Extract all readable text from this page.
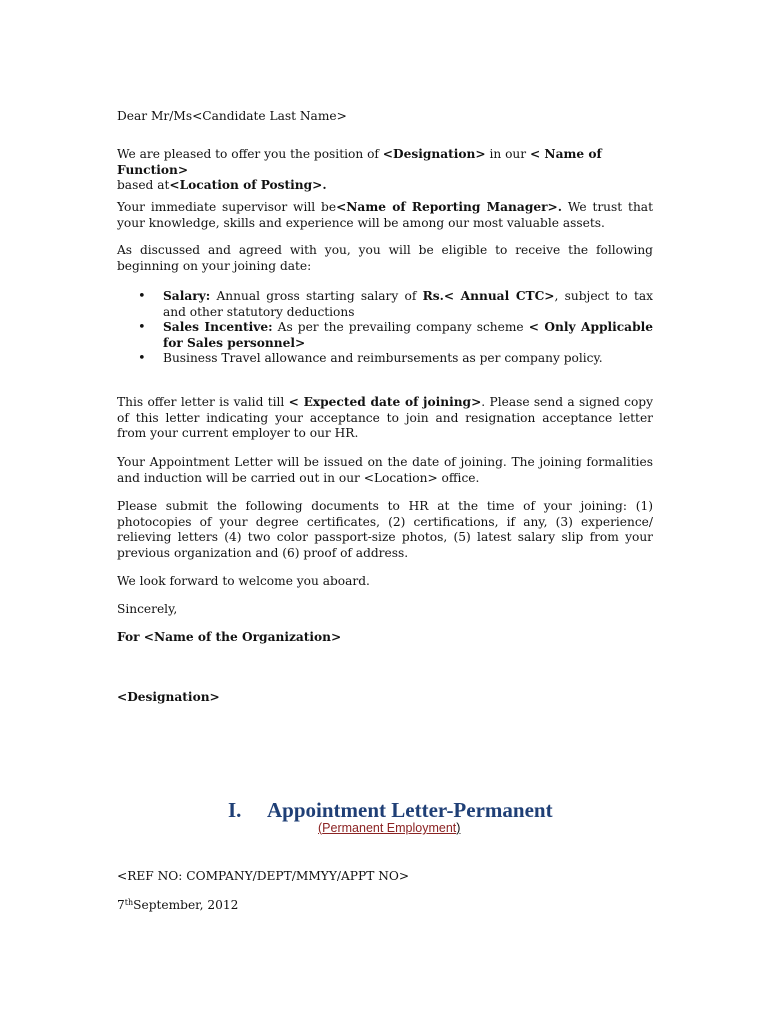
Dear Mr/Ms<Candidate Last Name>
We are pleased to offer you the position of <Designation> in our < Name of Function>
based at<Location of Posting>.
Your immediate supervisor will be<Name of Reporting Manager>. We trust that your knowledge, skills and experience will be among our most valuable assets.
As discussed and agreed with you, you will be eligible to receive the following beginning on your joining date:
• Salary: Annual gross starting salary of Rs.< Annual CTC>, subject to tax and other statutory deductions
• Sales Incentive: As per the prevailing company scheme < Only Applicable for Sales personnel>
• Business Travel allowance and reimbursements as per company policy.
This offer letter is valid till < Expected date of joining>. Please send a signed copy of this letter indicating your acceptance to join and resignation acceptance letter from your current employer to our HR.
Your Appointment Letter will be issued on the date of joining. The joining formalities and induction will be carried out in our <Location> office.
Please submit the following documents to HR at the time of your joining: (1) photocopies of your degree certificates, (2) certifications, if any, (3) experience/ relieving letters (4) two color passport-size photos, (5) latest salary slip from your previous organization and (6) proof of address.
We look forward to welcome you aboard.
Sincerely,
For <Name of the Organization>
<Designation>
I. Appointment Letter-Permanent
(Permanent Employment)
<REF NO: COMPANY/DEPT/MMYY/APPT NO>
7thSeptember, 2012
